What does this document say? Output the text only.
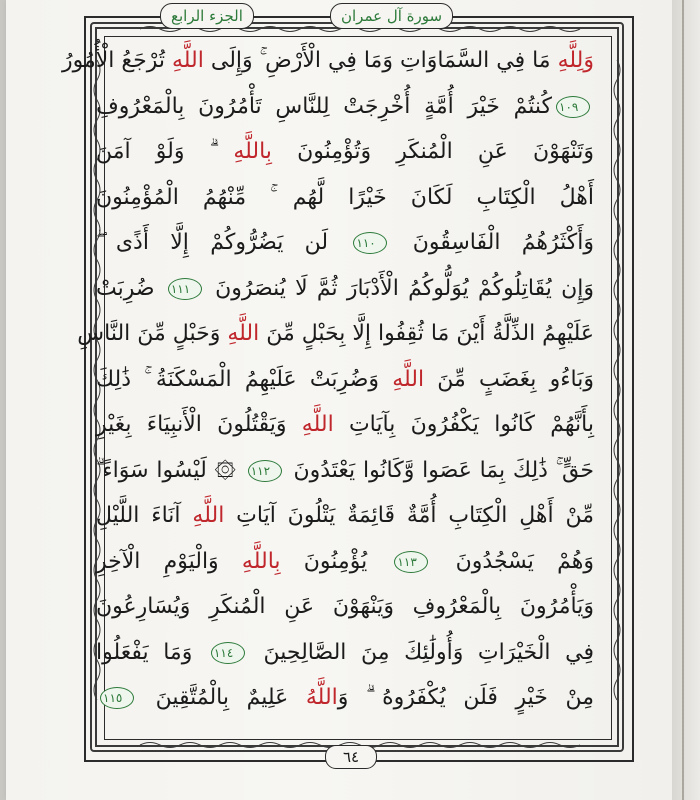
الجزء الرابع	سورة آل عمران
وَلِلَّهِ مَا فِي السَّمَاوَاتِ وَمَا فِي الْأَرْضِ ۚ وَإِلَى اللَّهِ تُرْجَعُ الْأُمُورُ
١٠٩كُنتُمْ خَيْرَ أُمَّةٍ أُخْرِجَتْ لِلنَّاسِ تَأْمُرُونَ بِالْمَعْرُوفِ
وَتَنْهَوْنَ عَنِ الْمُنكَرِ وَتُؤْمِنُونَ بِاللَّهِ ۗ وَلَوْ آمَنَ
أَهْلُ الْكِتَابِ لَكَانَ خَيْرًا لَّهُم ۚ مِّنْهُمُ الْمُؤْمِنُونَ
وَأَكْثَرُهُمُ الْفَاسِقُونَ ١١٠ لَن يَضُرُّوكُمْ إِلَّا أَذًى ۖ
وَإِن يُقَاتِلُوكُمْ يُوَلُّوكُمُ الْأَدْبَارَ ثُمَّ لَا يُنصَرُونَ ١١١ ضُرِبَتْ
عَلَيْهِمُ الذِّلَّةُ أَيْنَ مَا ثُقِفُوا إِلَّا بِحَبْلٍ مِّنَ اللَّهِ وَحَبْلٍ مِّنَ النَّاسِ
وَبَاءُو بِغَضَبٍ مِّنَ اللَّهِ وَضُرِبَتْ عَلَيْهِمُ الْمَسْكَنَةُ ۚ ذَٰلِكَ
بِأَنَّهُمْ كَانُوا يَكْفُرُونَ بِآيَاتِ اللَّهِ وَيَقْتُلُونَ الْأَنبِيَاءَ بِغَيْرِ
حَقٍّ ۚ ذَٰلِكَ بِمَا عَصَوا وَّكَانُوا يَعْتَدُونَ ١١٢ ۞ لَيْسُوا سَوَاءً ۗ
مِّنْ أَهْلِ الْكِتَابِ أُمَّةٌ قَائِمَةٌ يَتْلُونَ آيَاتِ اللَّهِ آنَاءَ اللَّيْلِ
وَهُمْ يَسْجُدُونَ ١١٣ يُؤْمِنُونَ بِاللَّهِ وَالْيَوْمِ الْآخِرِ
وَيَأْمُرُونَ بِالْمَعْرُوفِ وَيَنْهَوْنَ عَنِ الْمُنكَرِ وَيُسَارِعُونَ
فِي الْخَيْرَاتِ وَأُولَٰئِكَ مِنَ الصَّالِحِينَ ١١٤ وَمَا يَفْعَلُوا
مِنْ خَيْرٍ فَلَن يُكْفَرُوهُ ۗ وَاللَّهُ عَلِيمٌ بِالْمُتَّقِينَ ١١٥
٦٤
